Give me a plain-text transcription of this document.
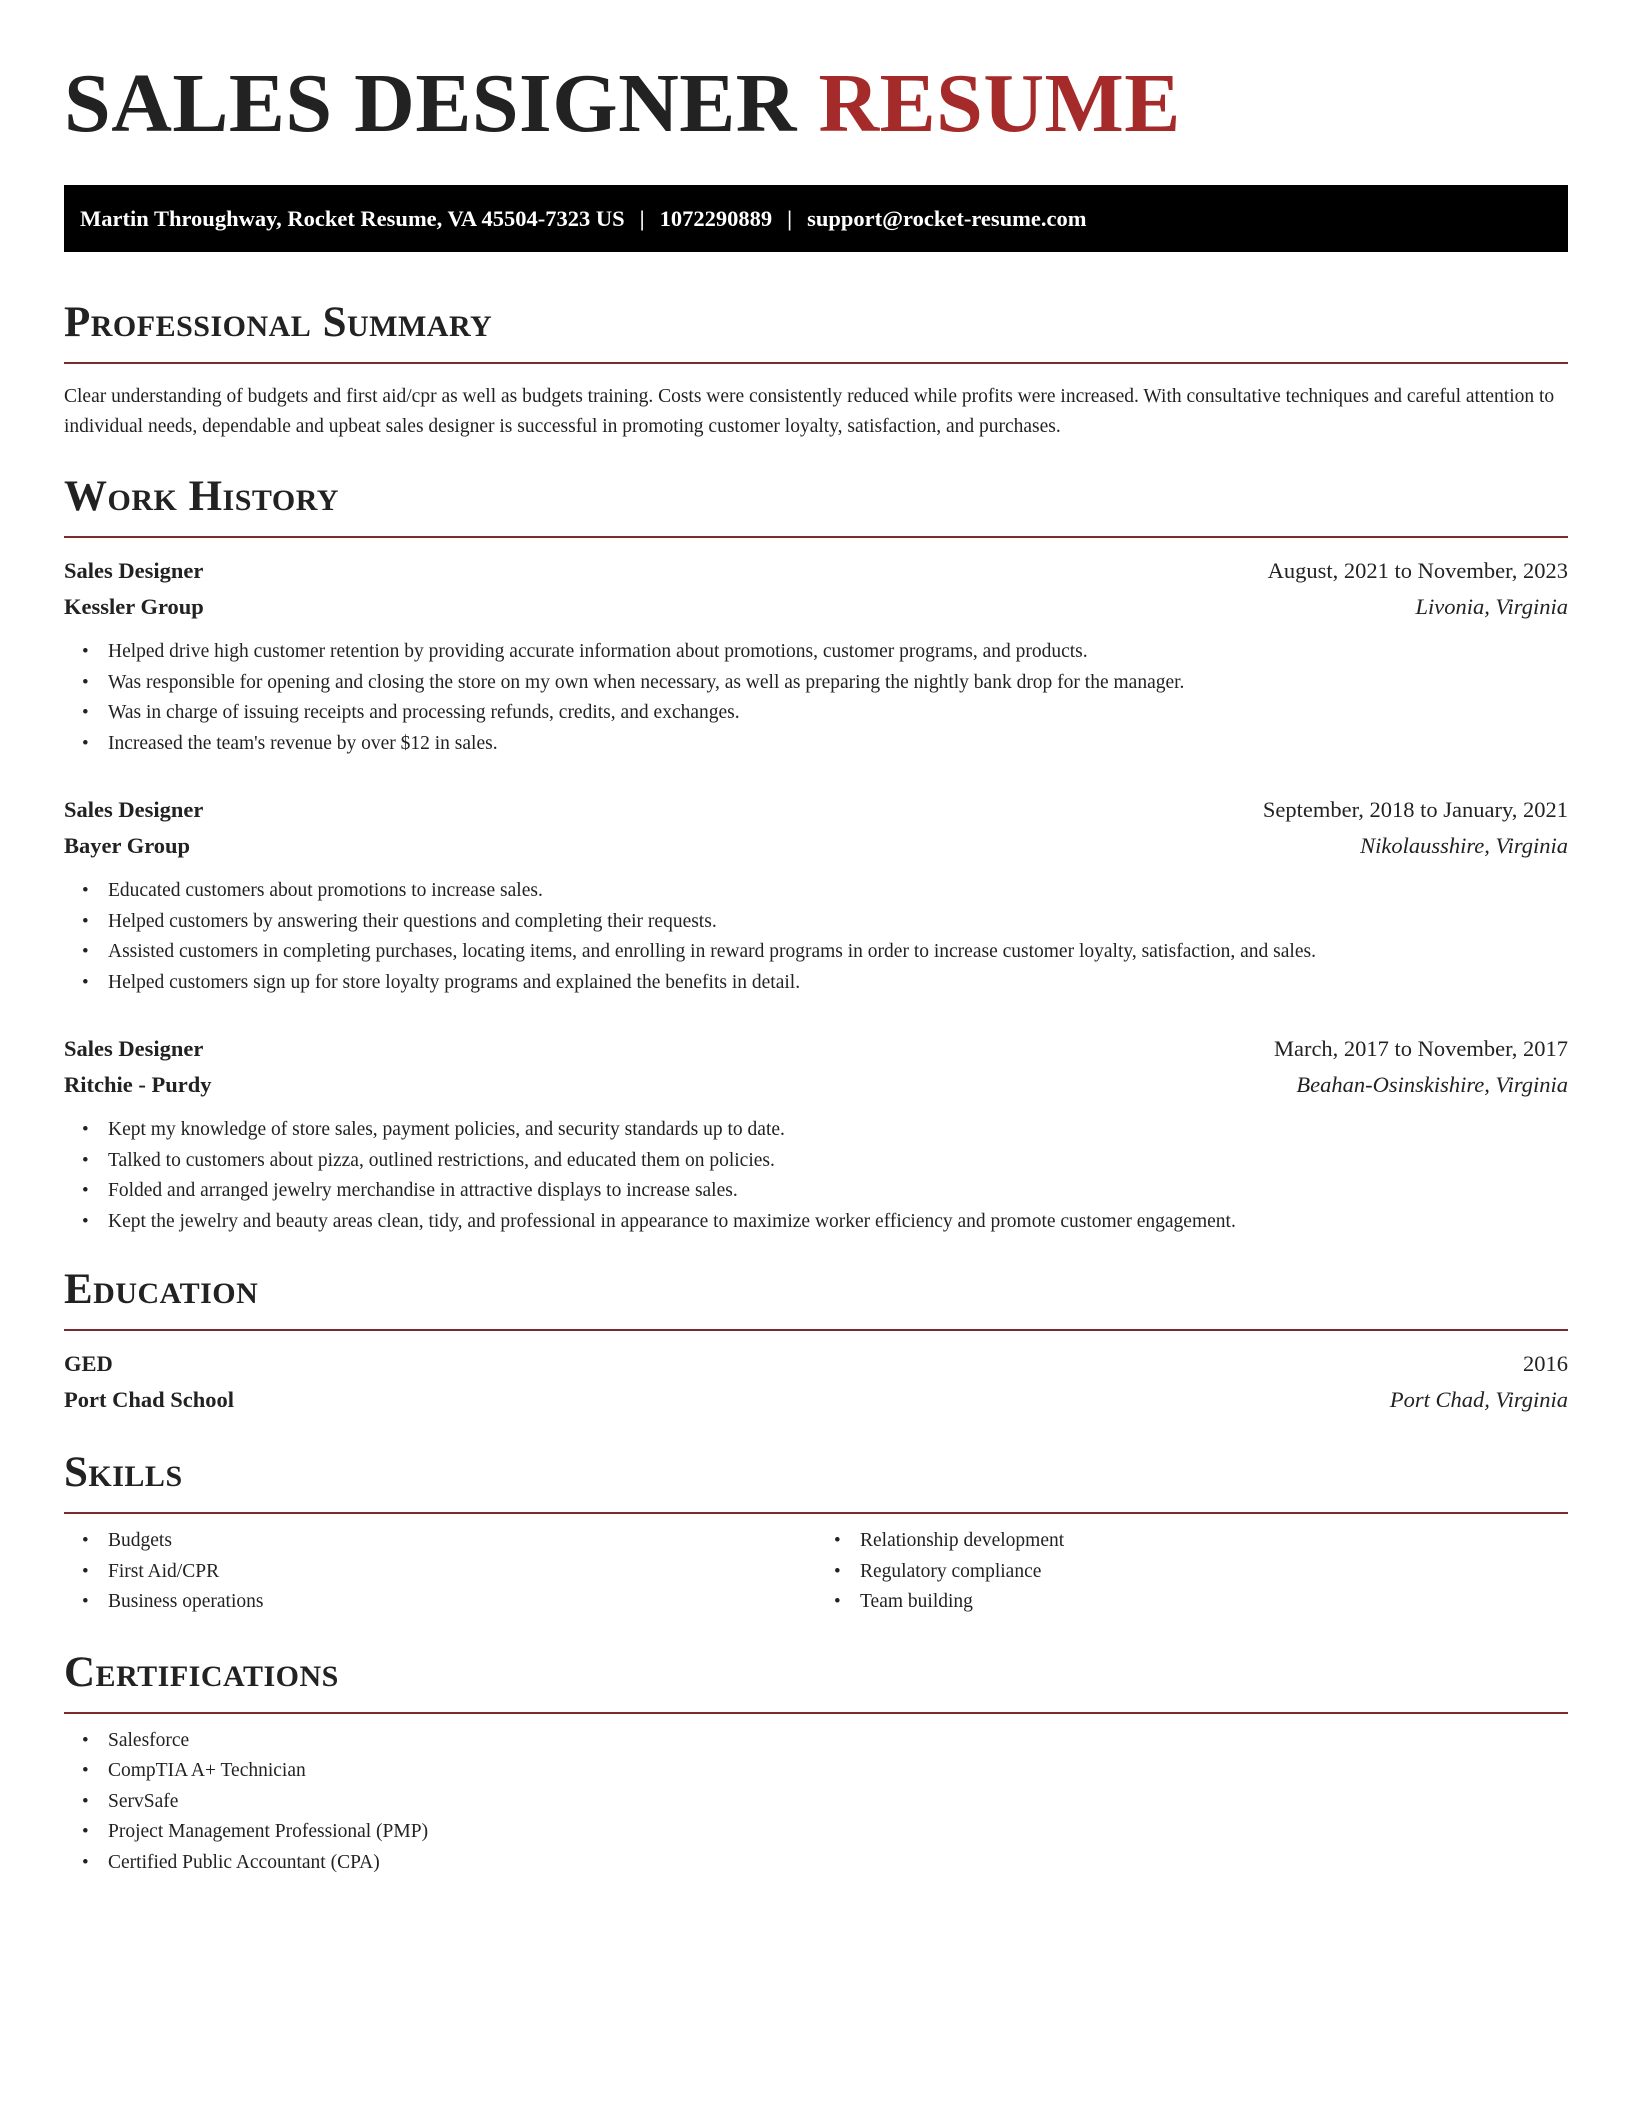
SALES DESIGNER RESUME
Martin Throughway, Rocket Resume, VA 45504-7323 US | 1072290889 | support@rocket-resume.com
Professional Summary

Clear understanding of budgets and first aid/cpr as well as budgets training. Costs were consistently reduced while profits were increased. With consultative techniques and careful attention to individual needs, dependable and upbeat sales designer is successful in promoting customer loyalty, satisfaction, and purchases.

Work History
Sales Designer	August, 2021 to November, 2023
Kessler Group	Livonia, Virginia
• Helped drive high customer retention by providing accurate information about promotions, customer programs, and products.
• Was responsible for opening and closing the store on my own when necessary, as well as preparing the nightly bank drop for the manager.
• Was in charge of issuing receipts and processing refunds, credits, and exchanges.
• Increased the team's revenue by over $12 in sales.
Sales Designer	September, 2018 to January, 2021
Bayer Group	Nikolausshire, Virginia
• Educated customers about promotions to increase sales.
• Helped customers by answering their questions and completing their requests.
• Assisted customers in completing purchases, locating items, and enrolling in reward programs in order to increase customer loyalty, satisfaction, and sales.
• Helped customers sign up for store loyalty programs and explained the benefits in detail.
Sales Designer	March, 2017 to November, 2017
Ritchie - Purdy	Beahan-Osinskishire, Virginia
• Kept my knowledge of store sales, payment policies, and security standards up to date.
• Talked to customers about pizza, outlined restrictions, and educated them on policies.
• Folded and arranged jewelry merchandise in attractive displays to increase sales.
• Kept the jewelry and beauty areas clean, tidy, and professional in appearance to maximize worker efficiency and promote customer engagement.
Education
GED	2016
Port Chad School	Port Chad, Virginia
Skills
• Budgets
• First Aid/CPR
• Business operations
• Relationship development
• Regulatory compliance
• Team building
Certifications
• Salesforce
• CompTIA A+ Technician
• ServSafe
• Project Management Professional (PMP)
• Certified Public Accountant (CPA)
